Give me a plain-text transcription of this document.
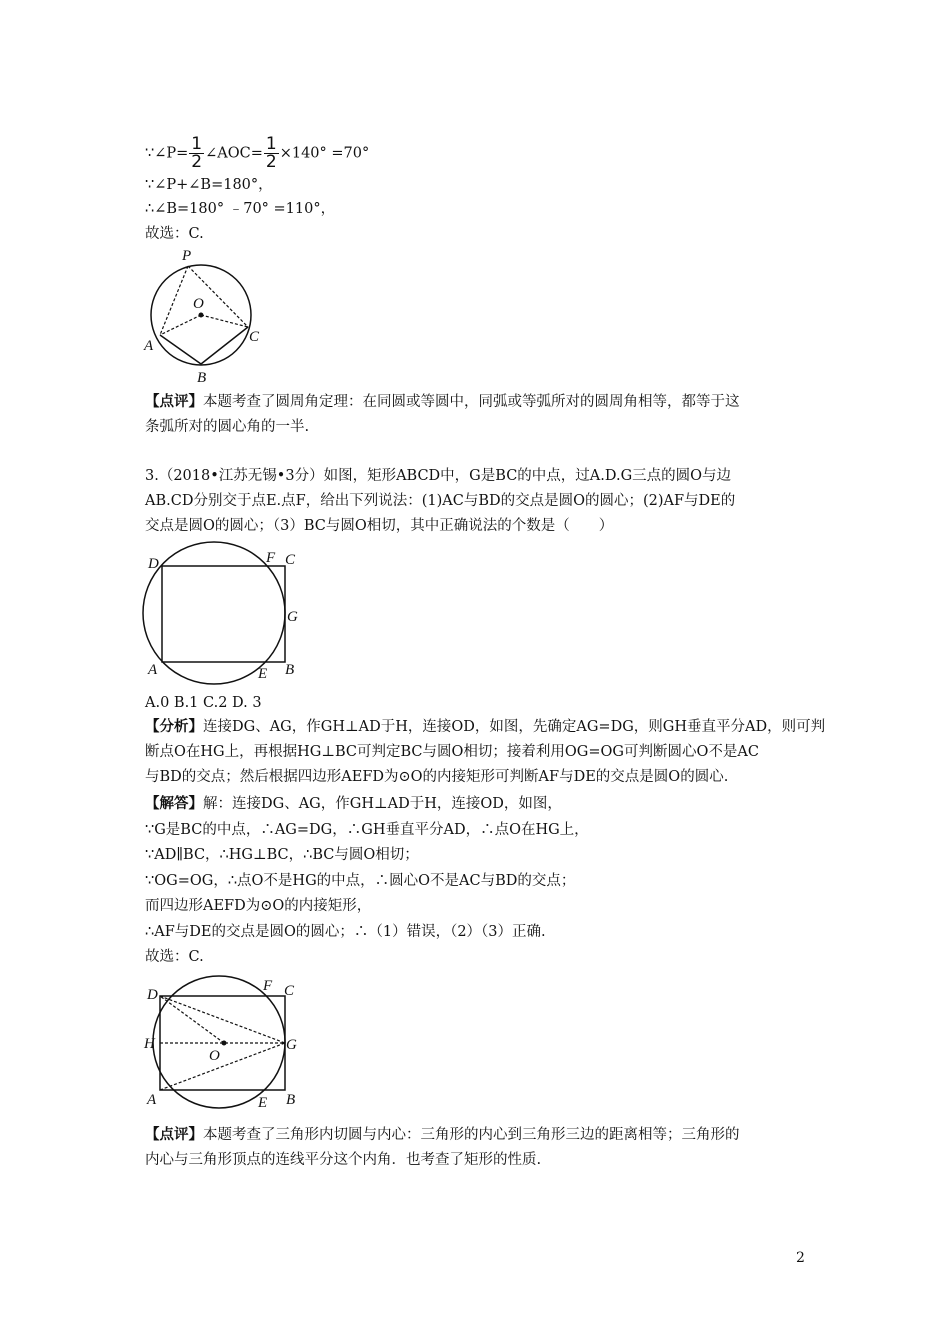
∵∠P= $\frac{1}{2}$ ∠AOC= $\frac{1}{2} \times 140^\circ =70^\circ$
∵∠P+∠B=180°，
∴∠B=180° ﹣70° =110°，
故选：C.
P
O
A
C
B
【点评】本题考查了圆周角定理：在同圆或等圆中，同弧或等弧所对的圆周角相等，都等于这
条弧所对的圆心角的一半.
3.（2018•江苏无锡•3分）如图，矩形ABCD中，G是BC的中点，过A.D.G三点的圆O与边
AB.CD分别交于点E.点F，给出下列说法：(1)AC与BD的交点是圆O的圆心；(2)AF与DE的
交点是圆O的圆心；（3）BC与圆O相切，其中正确说法的个数是（　　）
D	F C
G
A	E B
A.0 B.1 C.2 D. 3
【分析】连接DG、AG，作GH⊥AD于H，连接OD，如图，先确定AG=DG，则GH垂直平分AD，则可判
断点O在HG上，再根据HG⊥BC可判定BC与圆O相切；接着利用OG=OG可判断圆心O不是AC
与BD的交点；然后根据四边形AEFD为⊙O的内接矩形可判断AF与DE的交点是圆O的圆心.
【解答】解：连接DG、AG，作GH⊥AD于H，连接OD，如图，
∵G是BC的中点，∴AG=DG，∴GH垂直平分AD，∴点O在HG上，
∵AD∥BC，∴HG⊥BC，∴BC与圆O相切；
∵OG=OG，∴点O不是HG的中点，∴圆心O不是AC与BD的交点；
而四边形AEFD为⊙O的内接矩形，
∴AF与DE的交点是圆O的圆心；∴（1）错误，（2）（3）正确.
故选：C.
D
F C
H
O
G
A	E B
【点评】本题考查了三角形内切圆与内心：三角形的内心到三角形三边的距离相等；三角形的
内心与三角形顶点的连线平分这个内角．也考查了矩形的性质.
2
